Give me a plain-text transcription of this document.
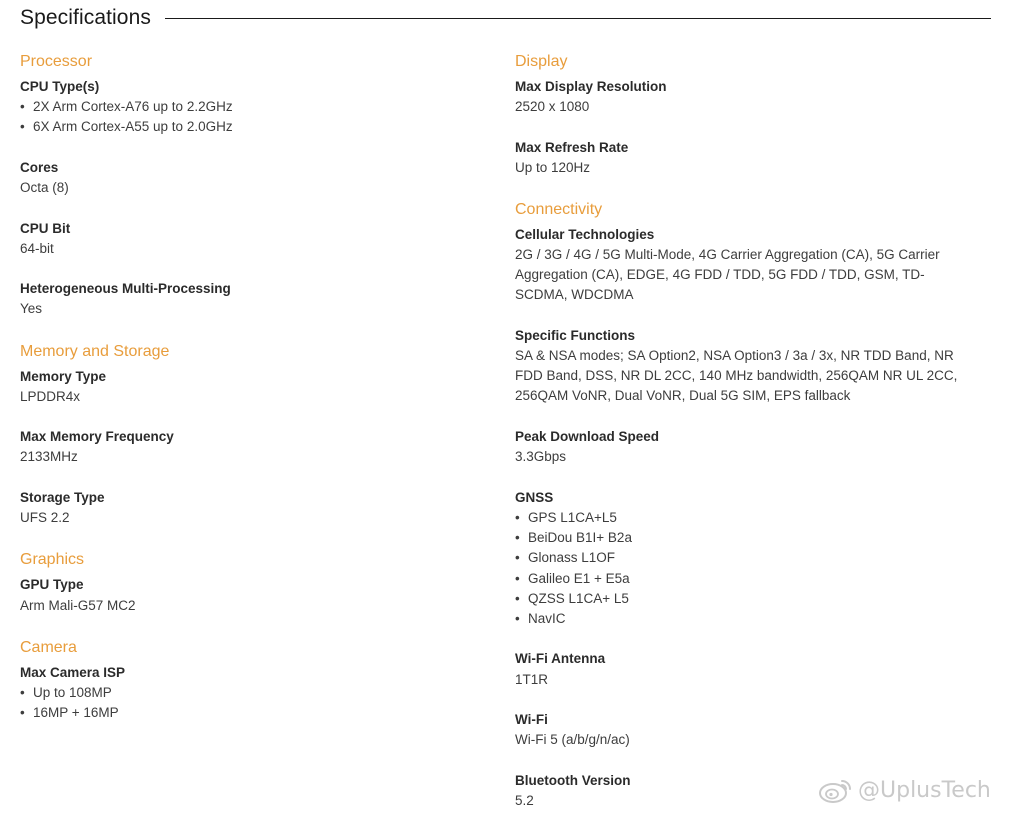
Specifications
Processor
CPU Type(s)
• 2X Arm Cortex-A76 up to 2.2GHz
• 6X Arm Cortex-A55 up to 2.0GHz
Cores
Octa (8)
CPU Bit
64-bit
Heterogeneous Multi-Processing
Yes
Memory and Storage
Memory Type
LPDDR4x
Max Memory Frequency
2133MHz
Storage Type
UFS 2.2
Graphics
GPU Type
Arm Mali-G57 MC2
Camera
Max Camera ISP
• Up to 108MP
• 16MP + 16MP
Display
Max Display Resolution
2520 x 1080
Max Refresh Rate
Up to 120Hz
Connectivity
Cellular Technologies
2G / 3G / 4G / 5G Multi-Mode, 4G Carrier Aggregation (CA), 5G Carrier Aggregation (CA), EDGE, 4G FDD / TDD, 5G FDD / TDD, GSM, TD-SCDMA, WDCDMA
Specific Functions
SA & NSA modes; SA Option2, NSA Option3 / 3a / 3x, NR TDD Band, NR FDD Band, DSS, NR DL 2CC, 140 MHz bandwidth, 256QAM NR UL 2CC, 256QAM VoNR, Dual VoNR, Dual 5G SIM, EPS fallback
Peak Download Speed
3.3Gbps
GNSS
• GPS L1CA+L5
• BeiDou B1I+ B2a
• Glonass L1OF
• Galileo E1 + E5a
• QZSS L1CA+ L5
• NavIC
Wi-Fi Antenna
1T1R
Wi-Fi
Wi-Fi 5 (a/b/g/n/ac)
Bluetooth Version
5.2	@UplusTech
